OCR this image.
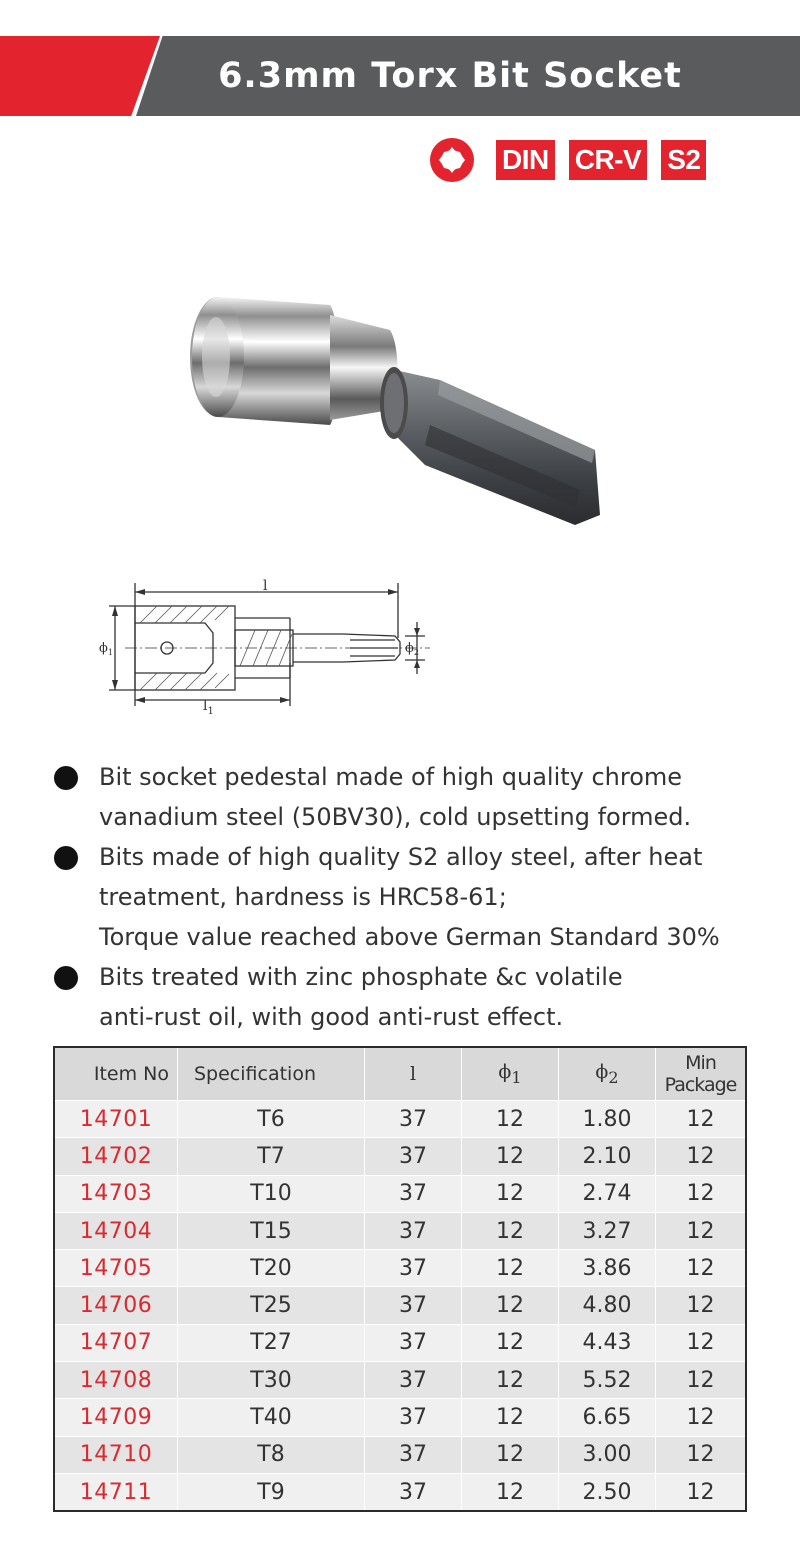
6.3mm Torx Bit Socket
DIN CR-V S2
l
$l_1$
$\phi_1$	$\phi_2$

Bit socket pedestal made of high quality chrome
vanadium steel (50BV30), cold upsetting formed.

Bits made of high quality S2 alloy steel, after heat
treatment, hardness is HRC58-61;
Torque value reached above German Standard 30%

Bits treated with zinc phosphate &c volatile
anti-rust oil, with good anti-rust effect.

Item No	Specification	l	$\phi_1$	$\phi_2$	Min Package
14701	T6	37	12	1.80	12
14702	T7	37	12	2.10	12
14703	T10	37	12	2.74	12
14704	T15	37	12	3.27	12
14705	T20	37	12	3.86	12
14706	T25	37	12	4.80	12
14707	T27	37	12	4.43	12
14708	T30	37	12	5.52	12
14709	T40	37	12	6.65	12
14710	T8	37	12	3.00	12
14711	T9	37	12	2.50	12
